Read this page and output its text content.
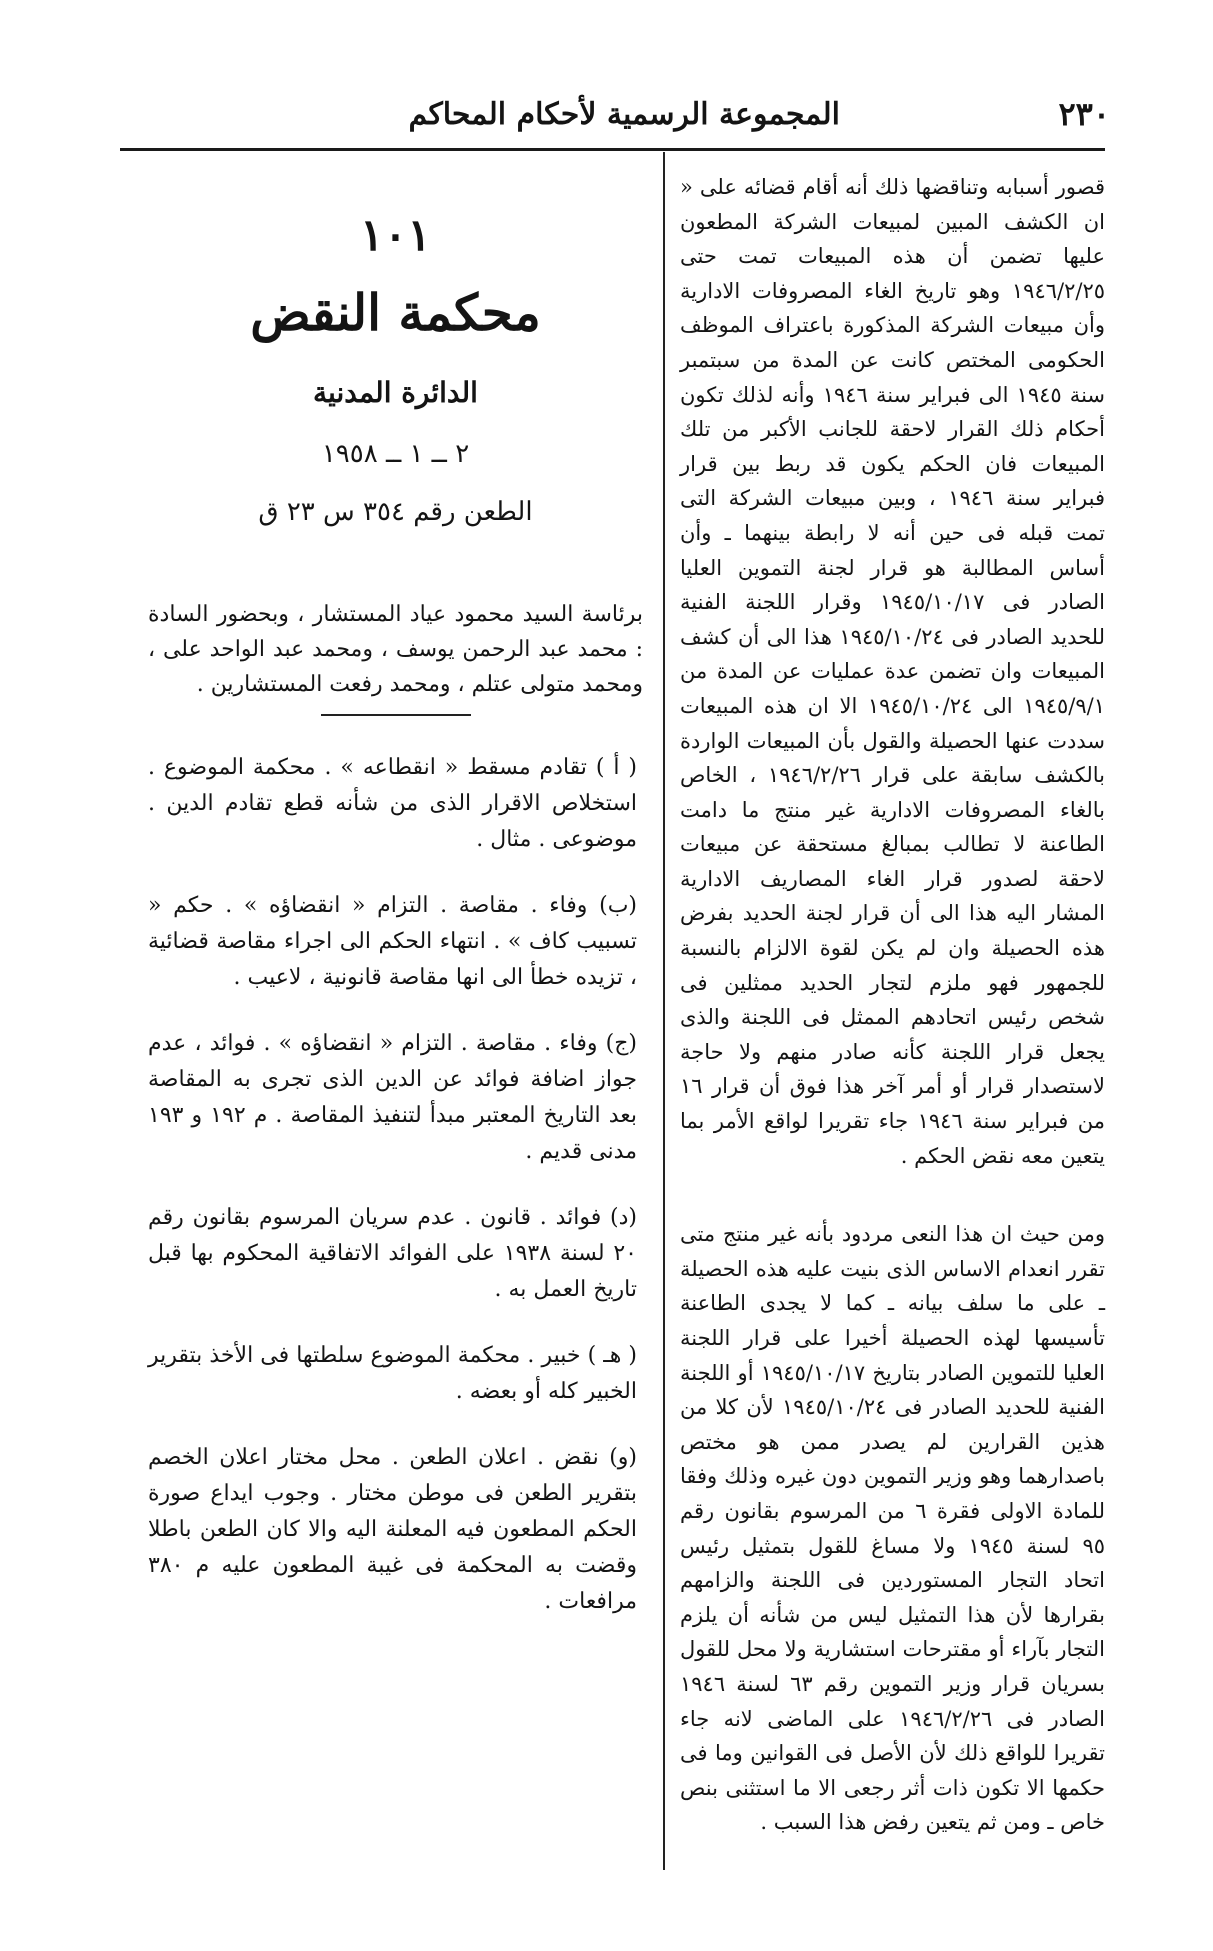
٢٣٠
المجموعة الرسمية لأحكام المحاكم

قصور أسبابه وتناقضها ذلك أنه أقام قضائه على « ان الكشف المبين لمبيعات الشركة المطعون عليها تضمن أن هذه المبيعات تمت حتى ١٩٤٦/٢/٢٥ وهو تاريخ الغاء المصروفات الادارية وأن مبيعات الشركة المذكورة باعتراف الموظف الحكومى المختص كانت عن المدة من سبتمبر سنة ١٩٤٥ الى فبراير سنة ١٩٤٦ وأنه لذلك تكون أحكام ذلك القرار لاحقة للجانب الأكبر من تلك المبيعات فان الحكم يكون قد ربط بين قرار فبراير سنة ١٩٤٦ ، وبين مبيعات الشركة التى تمت قبله فى حين أنه لا رابطة بينهما ـ وأن أساس المطالبة هو قرار لجنة التموين العليا الصادر فى ١٩٤٥/١٠/١٧ وقرار اللجنة الفنية للحديد الصادر فى ١٩٤٥/١٠/٢٤ هذا الى أن كشف المبيعات وان تضمن عدة عمليات عن المدة من ١٩٤٥/٩/١ الى ١٩٤٥/١٠/٢٤ الا ان هذه المبيعات سددت عنها الحصيلة والقول بأن المبيعات الواردة بالكشف سابقة على قرار ١٩٤٦/٢/٢٦ ، الخاص بالغاء المصروفات الادارية غير منتج ما دامت الطاعنة لا تطالب بمبالغ مستحقة عن مبيعات لاحقة لصدور قرار الغاء المصاريف الادارية المشار اليه هذا الى أن قرار لجنة الحديد بفرض هذه الحصيلة وان لم يكن لقوة الالزام بالنسبة للجمهور فهو ملزم لتجار الحديد ممثلين فى شخص رئيس اتحادهم الممثل فى اللجنة والذى يجعل قرار اللجنة كأنه صادر منهم ولا حاجة لاستصدار قرار أو أمر آخر هذا فوق أن قرار ١٦ من فبراير سنة ١٩٤٦ جاء تقريرا لواقع الأمر بما يتعين معه نقض الحكم .

ومن حيث ان هذا النعى مردود بأنه غير منتج متى تقرر انعدام الاساس الذى بنيت عليه هذه الحصيلة ـ على ما سلف بيانه ـ كما لا يجدى الطاعنة تأسيسها لهذه الحصيلة أخيرا على قرار اللجنة العليا للتموين الصادر بتاريخ ١٩٤٥/١٠/١٧ أو اللجنة الفنية للحديد الصادر فى ١٩٤٥/١٠/٢٤ لأن كلا من هذين القرارين لم يصدر ممن هو مختص باصدارهما وهو وزير التموين دون غيره وذلك وفقا للمادة الاولى فقرة ٦ من المرسوم بقانون رقم ٩٥ لسنة ١٩٤٥ ولا مساغ للقول بتمثيل رئيس اتحاد التجار المستوردين فى اللجنة والزامهم بقرارها لأن هذا التمثيل ليس من شأنه أن يلزم التجار بآراء أو مقترحات استشارية ولا محل للقول بسريان قرار وزير التموين رقم ٦٣ لسنة ١٩٤٦ الصادر فى ١٩٤٦/٢/٢٦ على الماضى لانه جاء تقريرا للواقع ذلك لأن الأصل فى القوانين وما فى حكمها الا تكون ذات أثر رجعى الا ما استثنى بنص خاص ـ ومن ثم يتعين رفض هذا السبب .

١٠١
محكمة النقض
الدائرة المدنية
٢ ــ ١ ــ ١٩٥٨
الطعن رقم ٣٥٤ س ٢٣ ق

برئاسة السيد محمود عياد المستشار ، وبحضور السادة : محمد عبد الرحمن يوسف ، ومحمد عبد الواحد على ، ومحمد متولى عتلم ، ومحمد رفعت المستشارين .

( أ ) تقادم مسقط « انقطاعه » . محكمة الموضوع . استخلاص الاقرار الذى من شأنه قطع تقادم الدين . موضوعى . مثال .

(ب) وفاء . مقاصة . التزام « انقضاؤه » . حكم « تسبيب كاف » . انتهاء الحكم الى اجراء مقاصة قضائية ، تزيده خطأ الى انها مقاصة قانونية ، لاعيب .

(ج) وفاء . مقاصة . التزام « انقضاؤه » . فوائد ، عدم جواز اضافة فوائد عن الدين الذى تجرى به المقاصة بعد التاريخ المعتبر مبدأ لتنفيذ المقاصة . م ١٩٢ و ١٩٣ مدنى قديم .

(د) فوائد . قانون . عدم سريان المرسوم بقانون رقم ٢٠ لسنة ١٩٣٨ على الفوائد الاتفاقية المحكوم بها قبل تاريخ العمل به .

( هـ ) خبير . محكمة الموضوع سلطتها فى الأخذ بتقرير الخبير كله أو بعضه .

(و) نقض . اعلان الطعن . محل مختار اعلان الخصم بتقرير الطعن فى موطن مختار . وجوب ايداع صورة الحكم المطعون فيه المعلنة اليه والا كان الطعن باطلا وقضت به المحكمة فى غيبة المطعون عليه م ٣٨٠ مرافعات .
